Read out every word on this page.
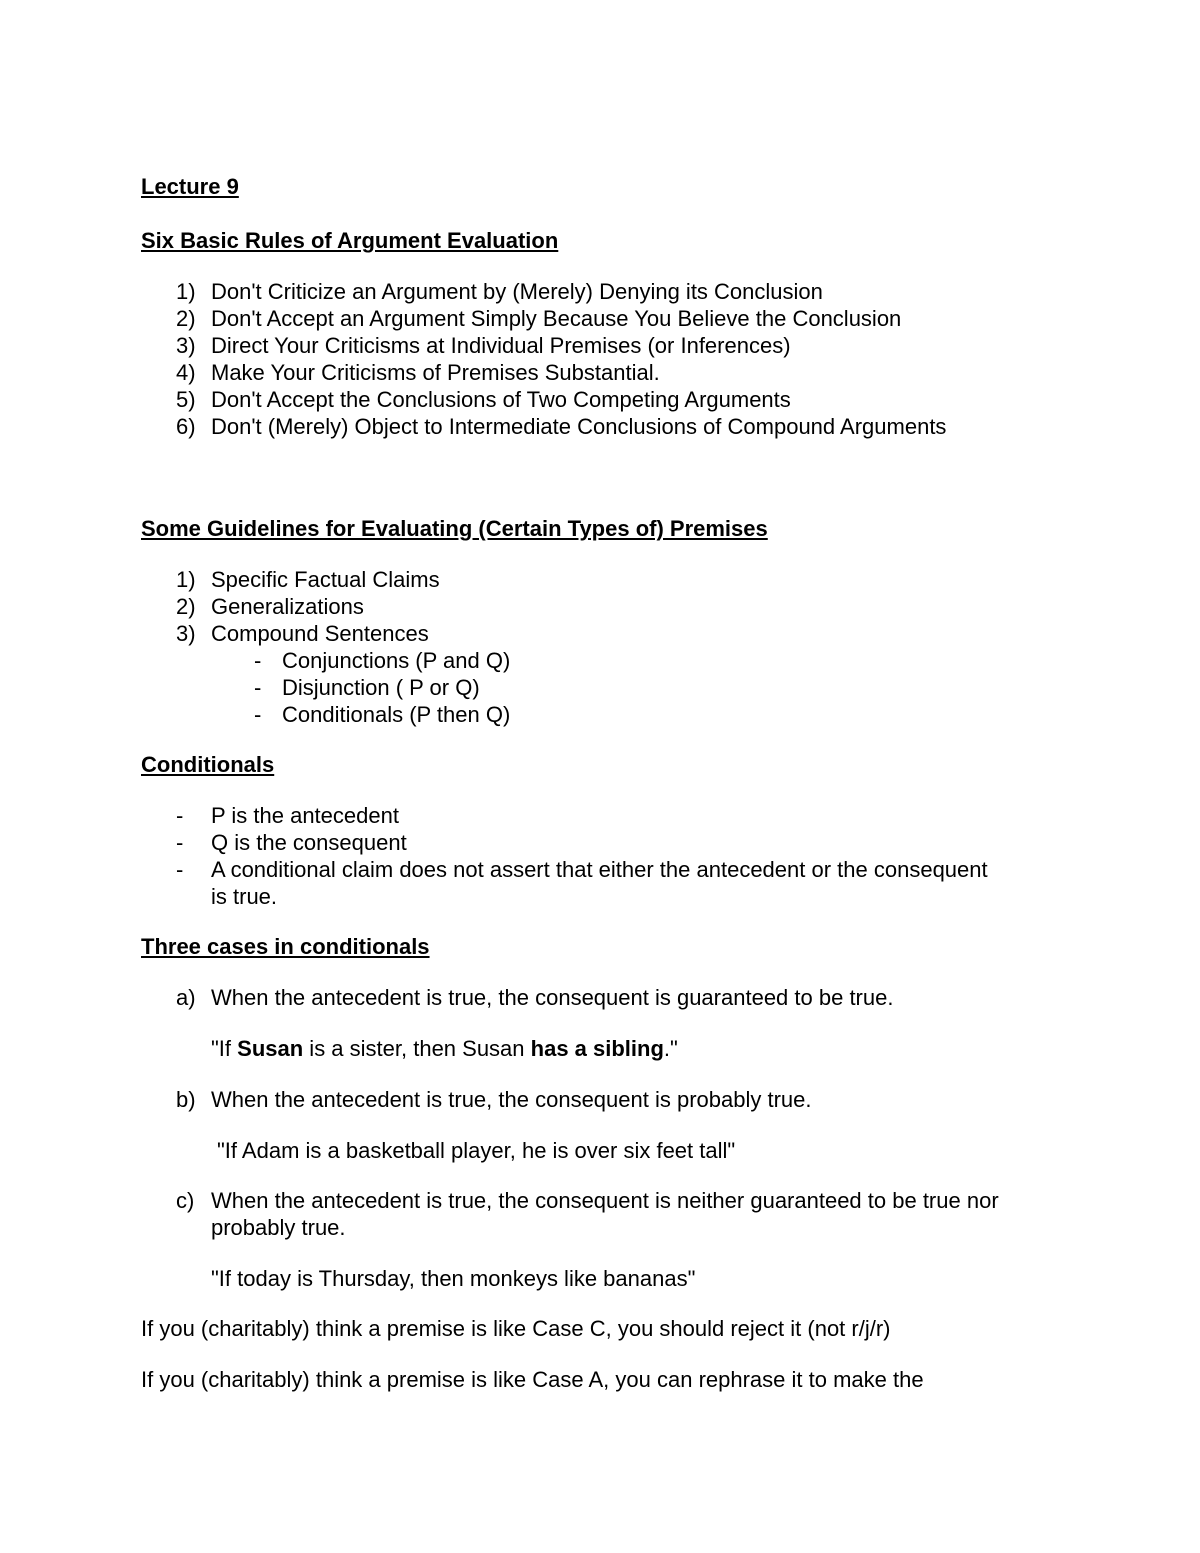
Lecture 9
Six Basic Rules of Argument Evaluation
1) Don't Criticize an Argument by (Merely) Denying its Conclusion
2) Don't Accept an Argument Simply Because You Believe the Conclusion
3) Direct Your Criticisms at Individual Premises (or Inferences)
4) Make Your Criticisms of Premises Substantial.
5) Don't Accept the Conclusions of Two Competing Arguments
6) Don't (Merely) Object to Intermediate Conclusions of Compound Arguments
Some Guidelines for Evaluating (Certain Types of) Premises
1) Specific Factual Claims
2) Generalizations
3) Compound Sentences
- Conjunctions (P and Q)
- Disjunction ( P or Q)
- Conditionals (P then Q)
Conditionals
- P is the antecedent
- Q is the consequent
- A conditional claim does not assert that either the antecedent or the consequent
is true.
Three cases in conditionals
a) When the antecedent is true, the consequent is guaranteed to be true.
"If Susan is a sister, then Susan has a sibling."
b) When the antecedent is true, the consequent is probably true.
"If Adam is a basketball player, he is over six feet tall"
c) When the antecedent is true, the consequent is neither guaranteed to be true nor
probably true.
"If today is Thursday, then monkeys like bananas"
If you (charitably) think a premise is like Case C, you should reject it (not r/j/r)
If you (charitably) think a premise is like Case A, you can rephrase it to make the
